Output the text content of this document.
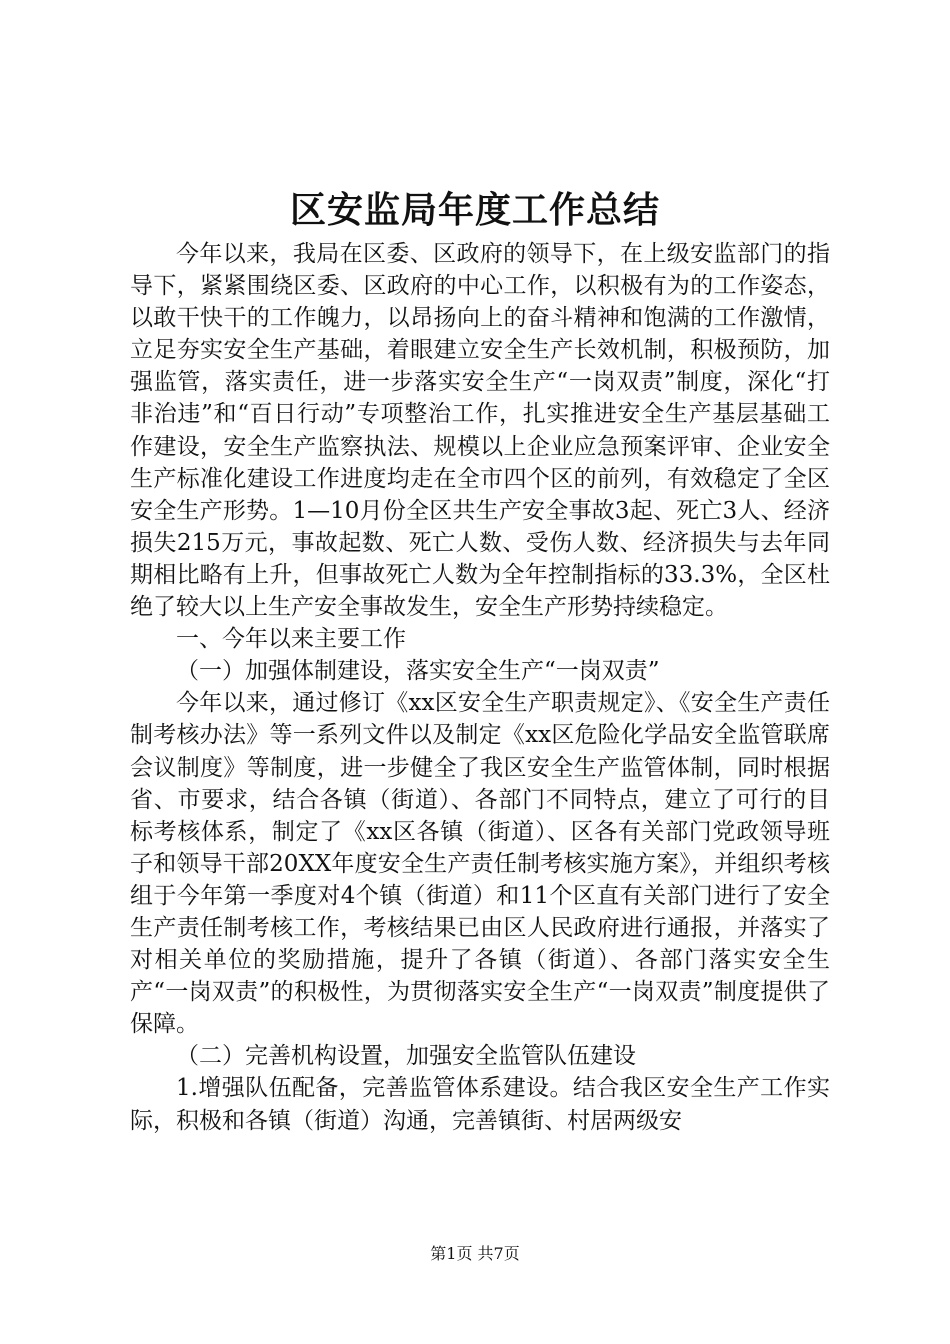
区安监局年度工作总结

今年以来，我局在区委、区政府的领导下，在上级安监部门的指导下，紧紧围绕区委、区政府的中心工作，以积极有为的工作姿态，以敢干快干的工作魄力，以昂扬向上的奋斗精神和饱满的工作激情，立足夯实安全生产基础，着眼建立安全生产长效机制，积极预防，加强监管，落实责任，进一步落实安全生产“一岗双责”制度，深化“打非治违”和“百日行动”专项整治工作，扎实推进安全生产基层基础工作建设，安全生产监察执法、规模以上企业应急预案评审、企业安全生产标准化建设工作进度均走在全市四个区的前列，有效稳定了全区安全生产形势。1—10月份全区共生产安全事故3起、死亡3人、经济损失215万元，事故起数、死亡人数、受伤人数、经济损失与去年同期相比略有上升，但事故死亡人数为全年控制指标的33.3%，全区杜绝了较大以上生产安全事故发生，安全生产形势持续稳定。

一、今年以来主要工作

（一）加强体制建设，落实安全生产“一岗双责”

今年以来，通过修订《xx区安全生产职责规定》、《安全生产责任制考核办法》等一系列文件以及制定《xx区危险化学品安全监管联席会议制度》等制度，进一步健全了我区安全生产监管体制，同时根据省、市要求，结合各镇（街道）、各部门不同特点，建立了可行的目标考核体系，制定了《xx区各镇（街道）、区各有关部门党政领导班子和领导干部20XX年度安全生产责任制考核实施方案》，并组织考核组于今年第一季度对4个镇（街道）和11个区直有关部门进行了安全生产责任制考核工作，考核结果已由区人民政府进行通报，并落实了对相关单位的奖励措施，提升了各镇（街道）、各部门落实安全生产“一岗双责”的积极性，为贯彻落实安全生产“一岗双责”制度提供了保障。

（二）完善机构设置，加强安全监管队伍建设

1.增强队伍配备，完善监管体系建设。结合我区安全生产工作实际，积极和各镇（街道）沟通，完善镇街、村居两级安

第1页 共7页
